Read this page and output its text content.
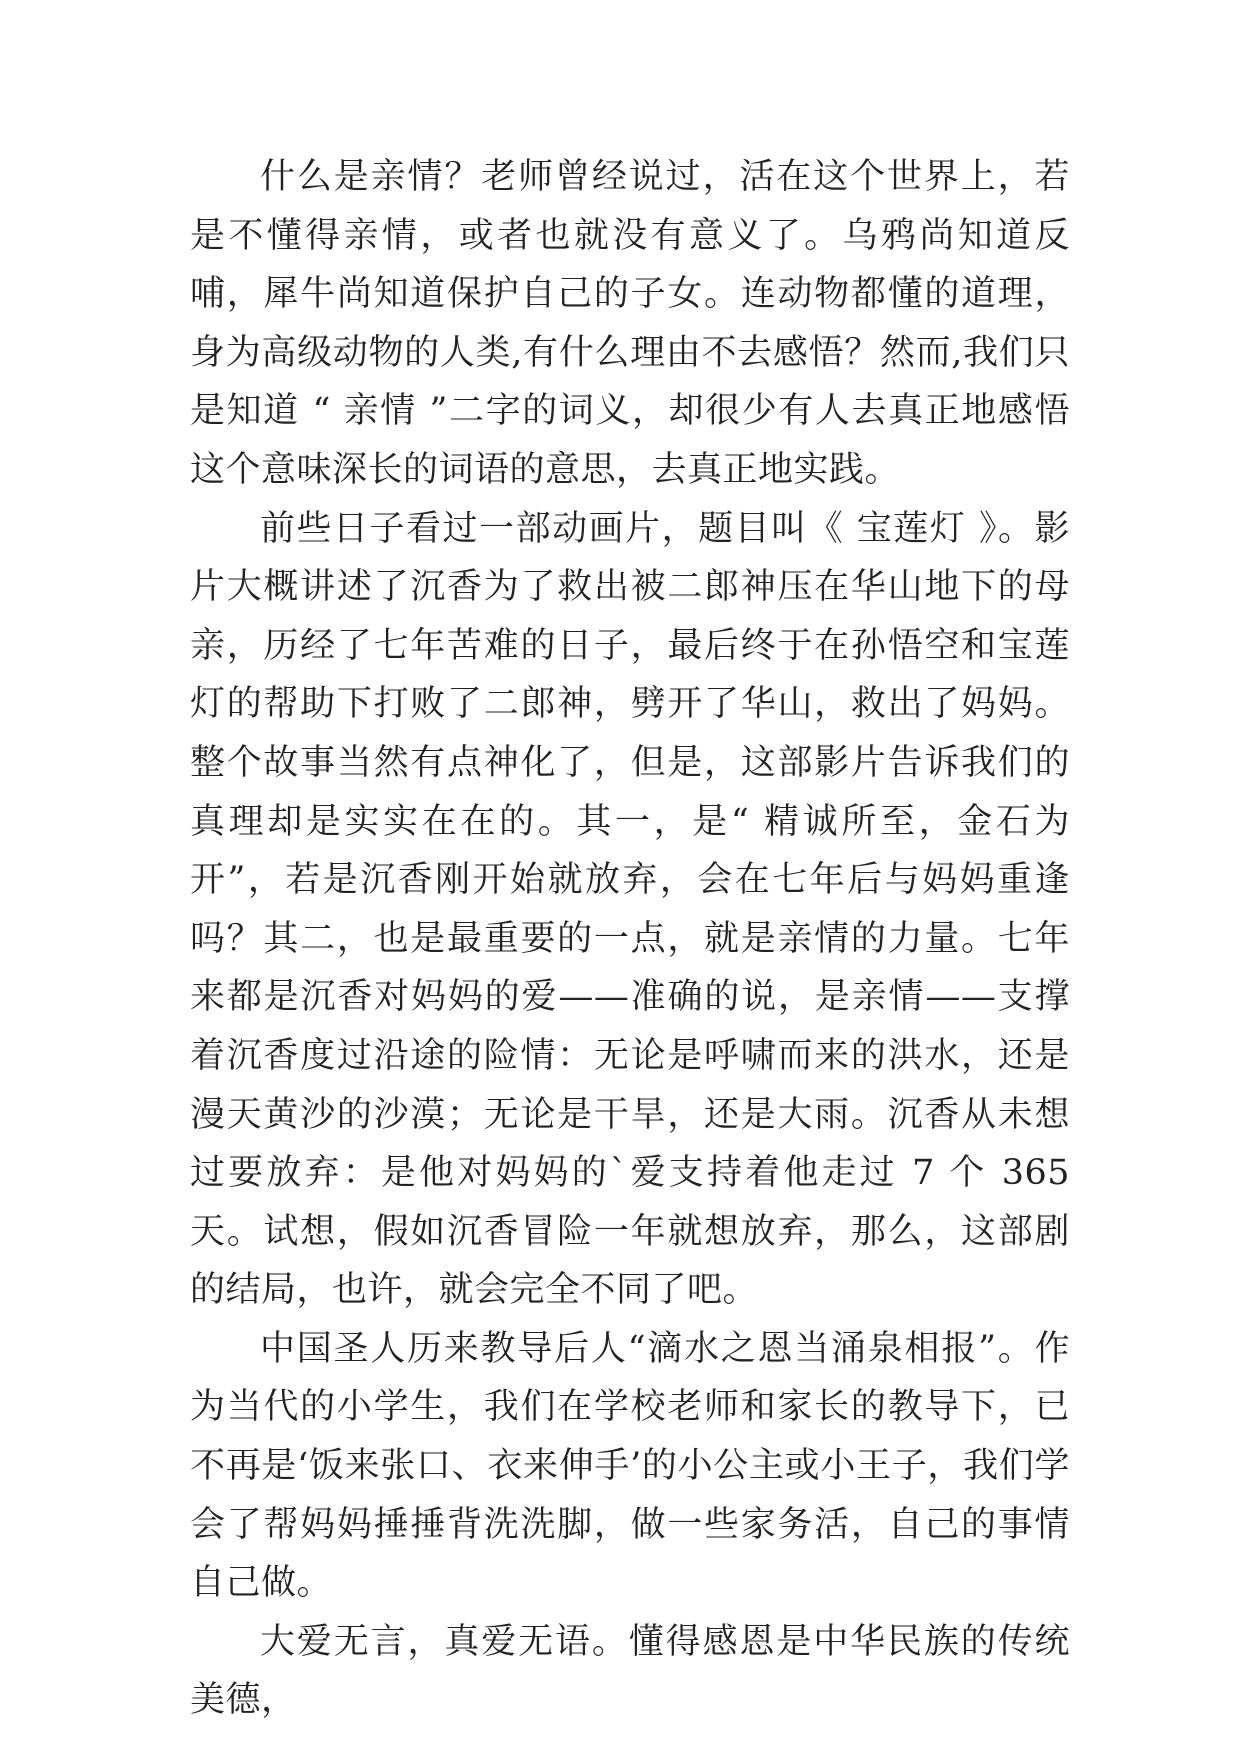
什么是亲情？老师曾经说过，活在这个世界上，若是不懂得亲情，或者也就没有意义了。乌鸦尚知道反哺，犀牛尚知道保护自己的子女。连动物都懂的道理，身为高级动物的人类,有什么理由不去感悟？然而,我们只是知道 “ 亲情 ”二字的词义，却很少有人去真正地感悟这个意味深长的词语的意思，去真正地实践。

前些日子看过一部动画片，题目叫《 宝莲灯 》。影片大概讲述了沉香为了救出被二郎神压在华山地下的母亲，历经了七年苦难的日子，最后终于在孙悟空和宝莲灯的帮助下打败了二郎神，劈开了华山，救出了妈妈。整个故事当然有点神化了，但是，这部影片告诉我们的真理却是实实在在的。其一，是“ 精诚所至，金石为开”，若是沉香刚开始就放弃，会在七年后与妈妈重逢吗？其二，也是最重要的一点，就是亲情的力量。七年来都是沉香对妈妈的爱——准确的说，是亲情——支撑着沉香度过沿途的险情：无论是呼啸而来的洪水，还是漫天黄沙的沙漠；无论是干旱，还是大雨。沉香从未想过要放弃：是他对妈妈的`爱支持着他走过 7 个 365 天。试想，假如沉香冒险一年就想放弃，那么，这部剧的结局，也许，就会完全不同了吧。

中国圣人历来教导后人“滴水之恩当涌泉相报”。作为当代的小学生，我们在学校老师和家长的教导下，已不再是‘饭来张口、衣来伸手’的小公主或小王子，我们学会了帮妈妈捶捶背洗洗脚，做一些家务活，自己的事情自己做。

大爱无言，真爱无语。懂得感恩是中华民族的传统美德，
